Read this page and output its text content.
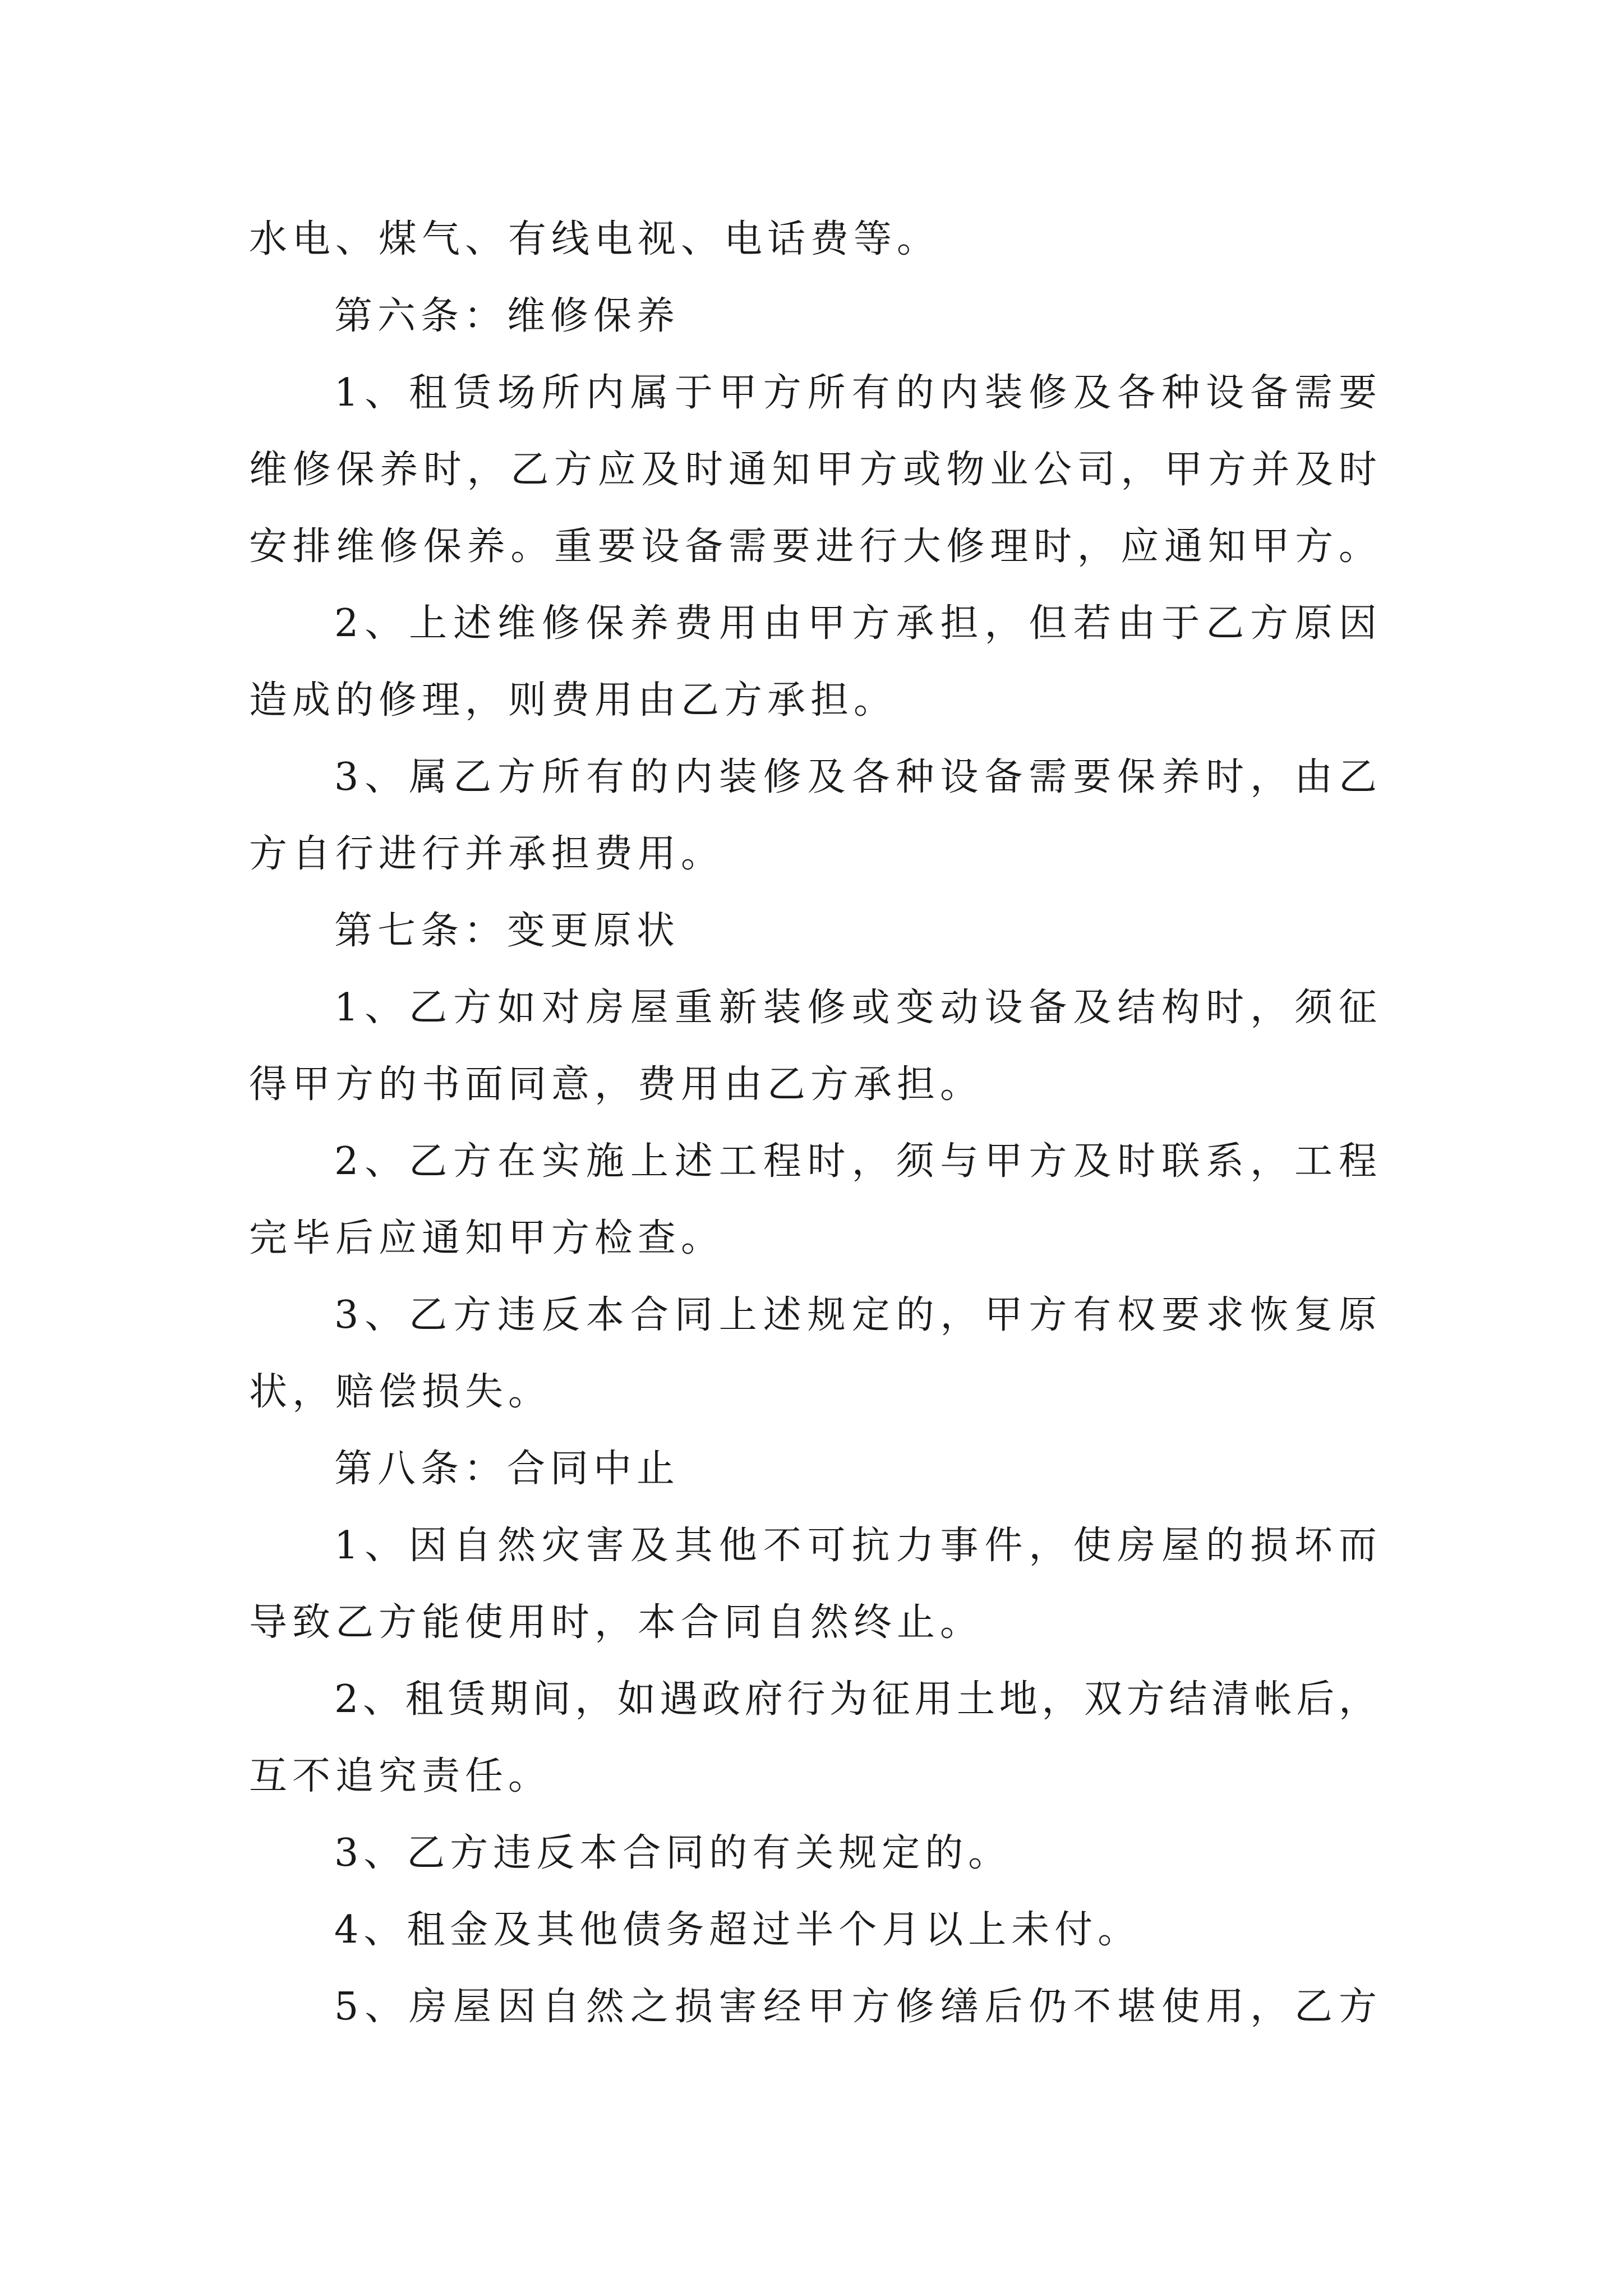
水电、煤气、有线电视、电话费等。
第六条：维修保养
1、租赁场所内属于甲方所有的内装修及各种设备需要
维修保养时，乙方应及时通知甲方或物业公司，甲方并及时
安排维修保养。重要设备需要进行大修理时，应通知甲方。
2、上述维修保养费用由甲方承担，但若由于乙方原因
造成的修理，则费用由乙方承担。
3、属乙方所有的内装修及各种设备需要保养时，由乙
方自行进行并承担费用。
第七条：变更原状
1、乙方如对房屋重新装修或变动设备及结构时，须征
得甲方的书面同意，费用由乙方承担。
2、乙方在实施上述工程时，须与甲方及时联系，工程
完毕后应通知甲方检查。
3、乙方违反本合同上述规定的，甲方有权要求恢复原
状，赔偿损失。
第八条：合同中止
1、因自然灾害及其他不可抗力事件，使房屋的损坏而
导致乙方能使用时，本合同自然终止。
2、租赁期间，如遇政府行为征用土地，双方结清帐后，
互不追究责任。
3、乙方违反本合同的有关规定的。
4、租金及其他债务超过半个月以上未付。
5、房屋因自然之损害经甲方修缮后仍不堪使用，乙方
